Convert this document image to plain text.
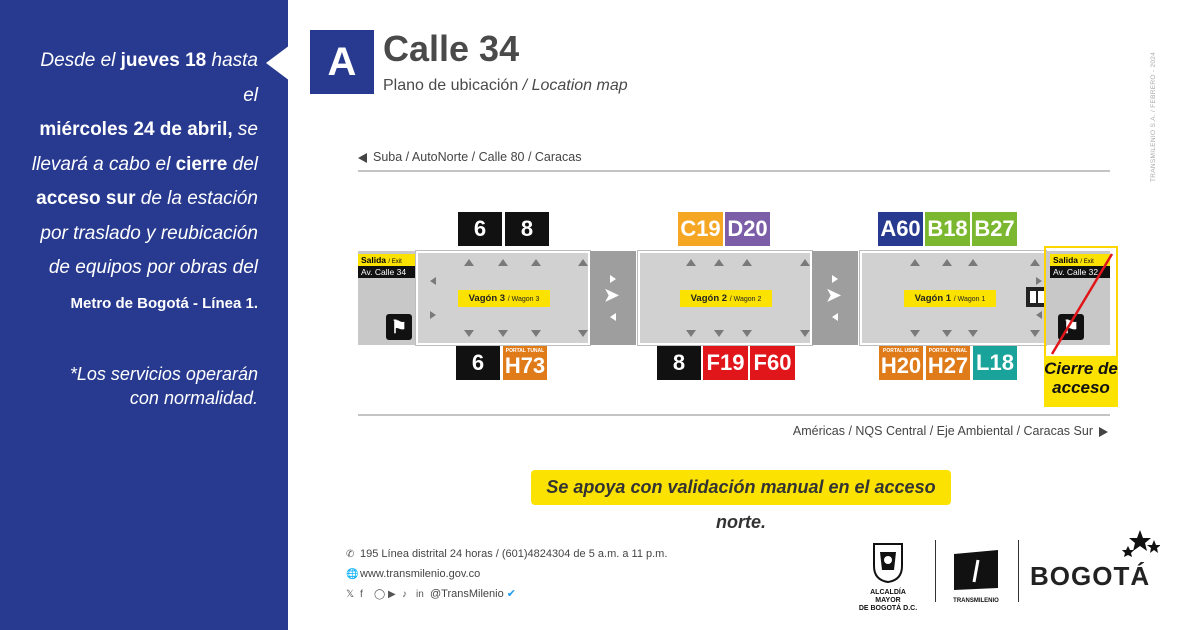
Desde el jueves 18 hasta el
miércoles 24 de abril, se
llevará a cabo el cierre del
acceso sur de la estación
por traslado y reubicación
de equipos por obras del
Metro de Bogotá - Línea 1.
*Los servicios operarán
con normalidad.
A Calle 34
Plano de ubicación / Location map	TRANSMILENIO S.A. / FEBRERO - 2024
Suba / AutoNorte / Calle 80 / Caracas
Américas / NQS Central / Eje Ambiental / Caracas Sur
6	8	C19 D20	A60 B18 B27
Salida / Exit
Av. Calle 34
⚑
Vagón 3 / Wagon 3	➤	Vagón 2 / Wagon 2	➤	Vagón 1 / Wagon 1
Salida / Exit
Av. Calle 32
⚑
Cierre de
acceso
6	PORTAL TUNAL
H73	8 F19 F60	PORTAL USME
H20
PORTAL TUNAL
H27 L18
Se apoya con validación manual en el acceso norte.
✆ 195 Línea distrital 24 horas / (601)4824304 de 5 a.m. a 11 p.m.
🌐 www.transmilenio.gov.co
𝕏 f ◯ ▶ ♪ in @TransMilenio ✔	ALCALDÍA MAYOR
DE BOGOTÁ D.C.
TRANSMILENIO
BOGOTÁ
